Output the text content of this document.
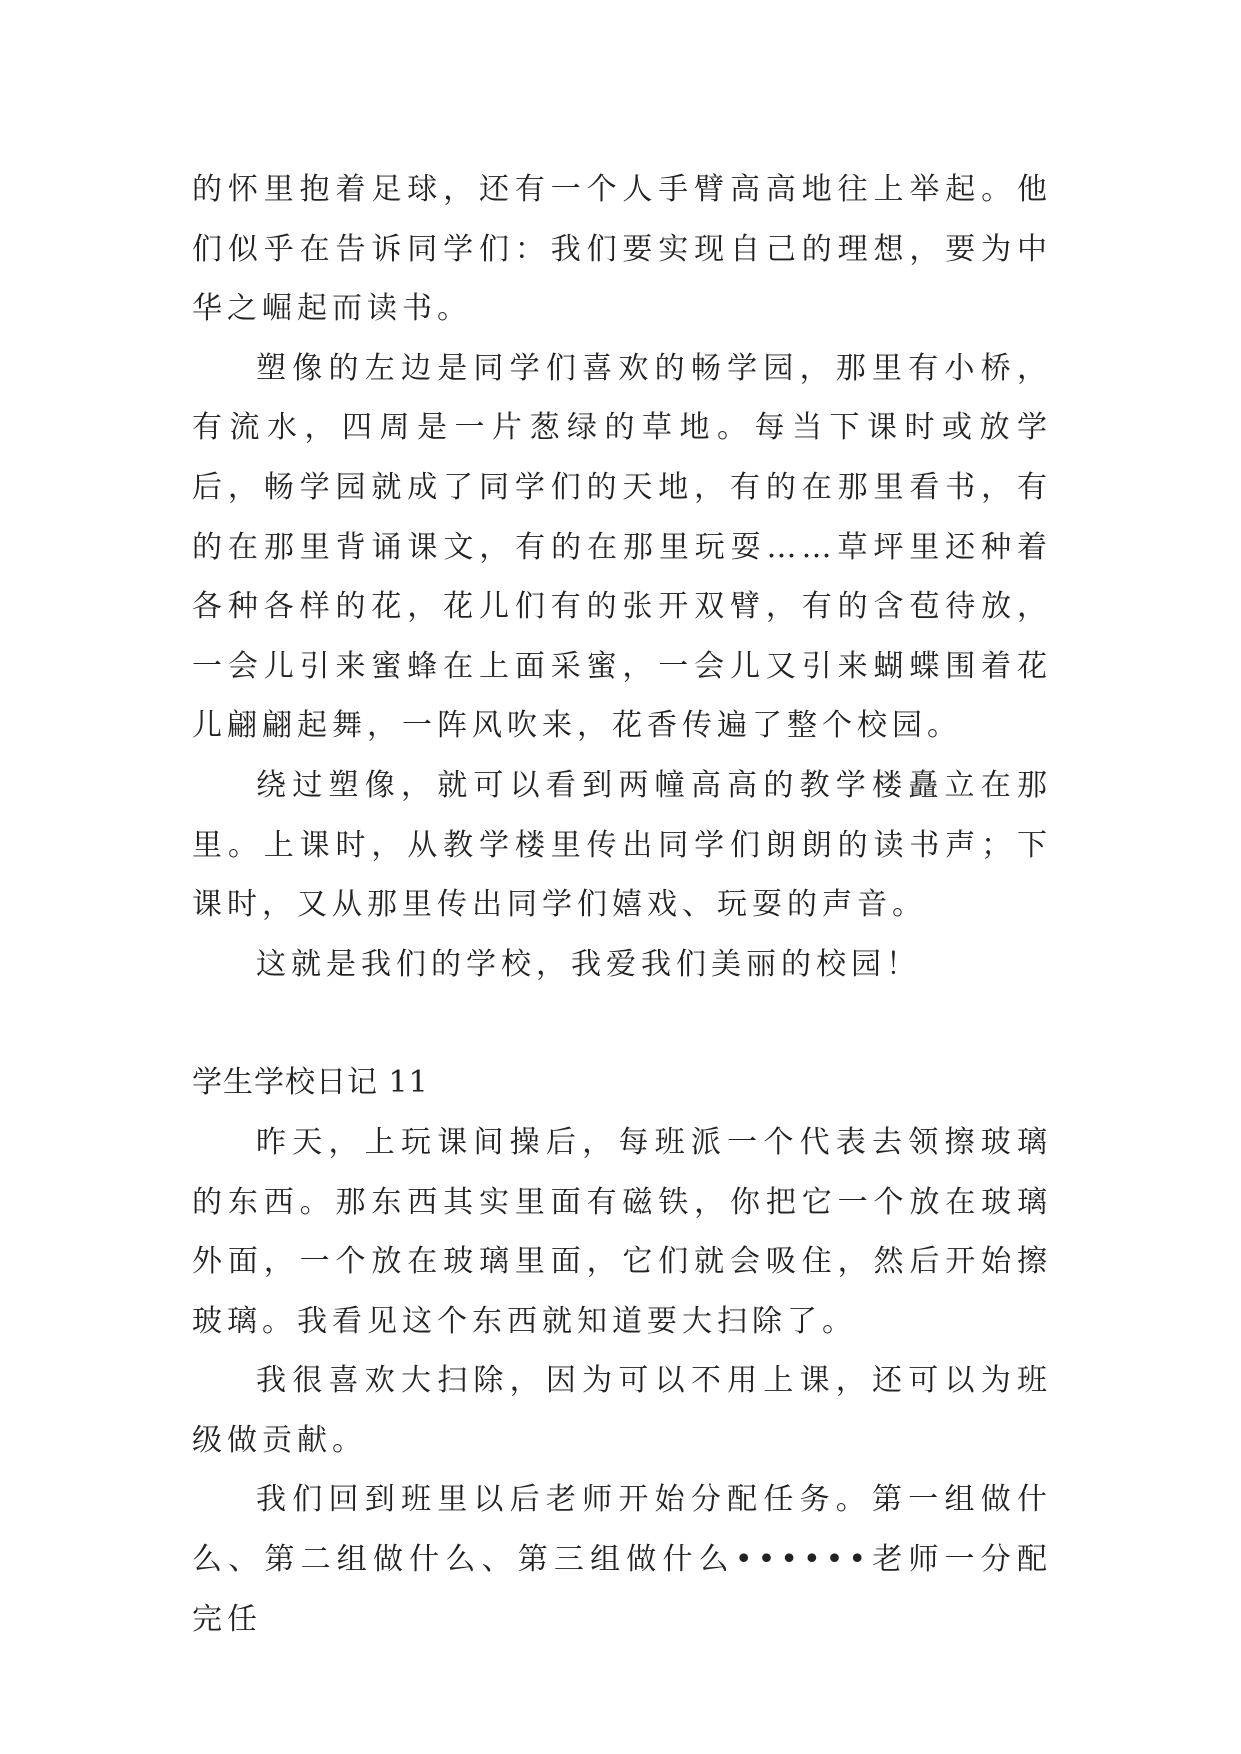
的怀里抱着足球，还有一个人手臂高高地往上举起。他们似乎在告诉同学们：我们要实现自己的理想，要为中华之崛起而读书。

塑像的左边是同学们喜欢的畅学园，那里有小桥，有流水，四周是一片葱绿的草地。每当下课时或放学后，畅学园就成了同学们的天地，有的在那里看书，有的在那里背诵课文，有的在那里玩耍……草坪里还种着各种各样的花，花儿们有的张开双臂，有的含苞待放，一会儿引来蜜蜂在上面采蜜，一会儿又引来蝴蝶围着花儿翩翩起舞，一阵风吹来，花香传遍了整个校园。

绕过塑像，就可以看到两幢高高的教学楼矗立在那里。上课时，从教学楼里传出同学们朗朗的读书声；下课时，又从那里传出同学们嬉戏、玩耍的声音。

这就是我们的学校，我爱我们美丽的校园！

学生学校日记 11

昨天，上玩课间操后，每班派一个代表去领擦玻璃的东西。那东西其实里面有磁铁，你把它一个放在玻璃外面，一个放在玻璃里面，它们就会吸住，然后开始擦玻璃。我看见这个东西就知道要大扫除了。

我很喜欢大扫除，因为可以不用上课，还可以为班级做贡献。

我们回到班里以后老师开始分配任务。第一组做什么、第二组做什么、第三组做什么••••••老师一分配完任
